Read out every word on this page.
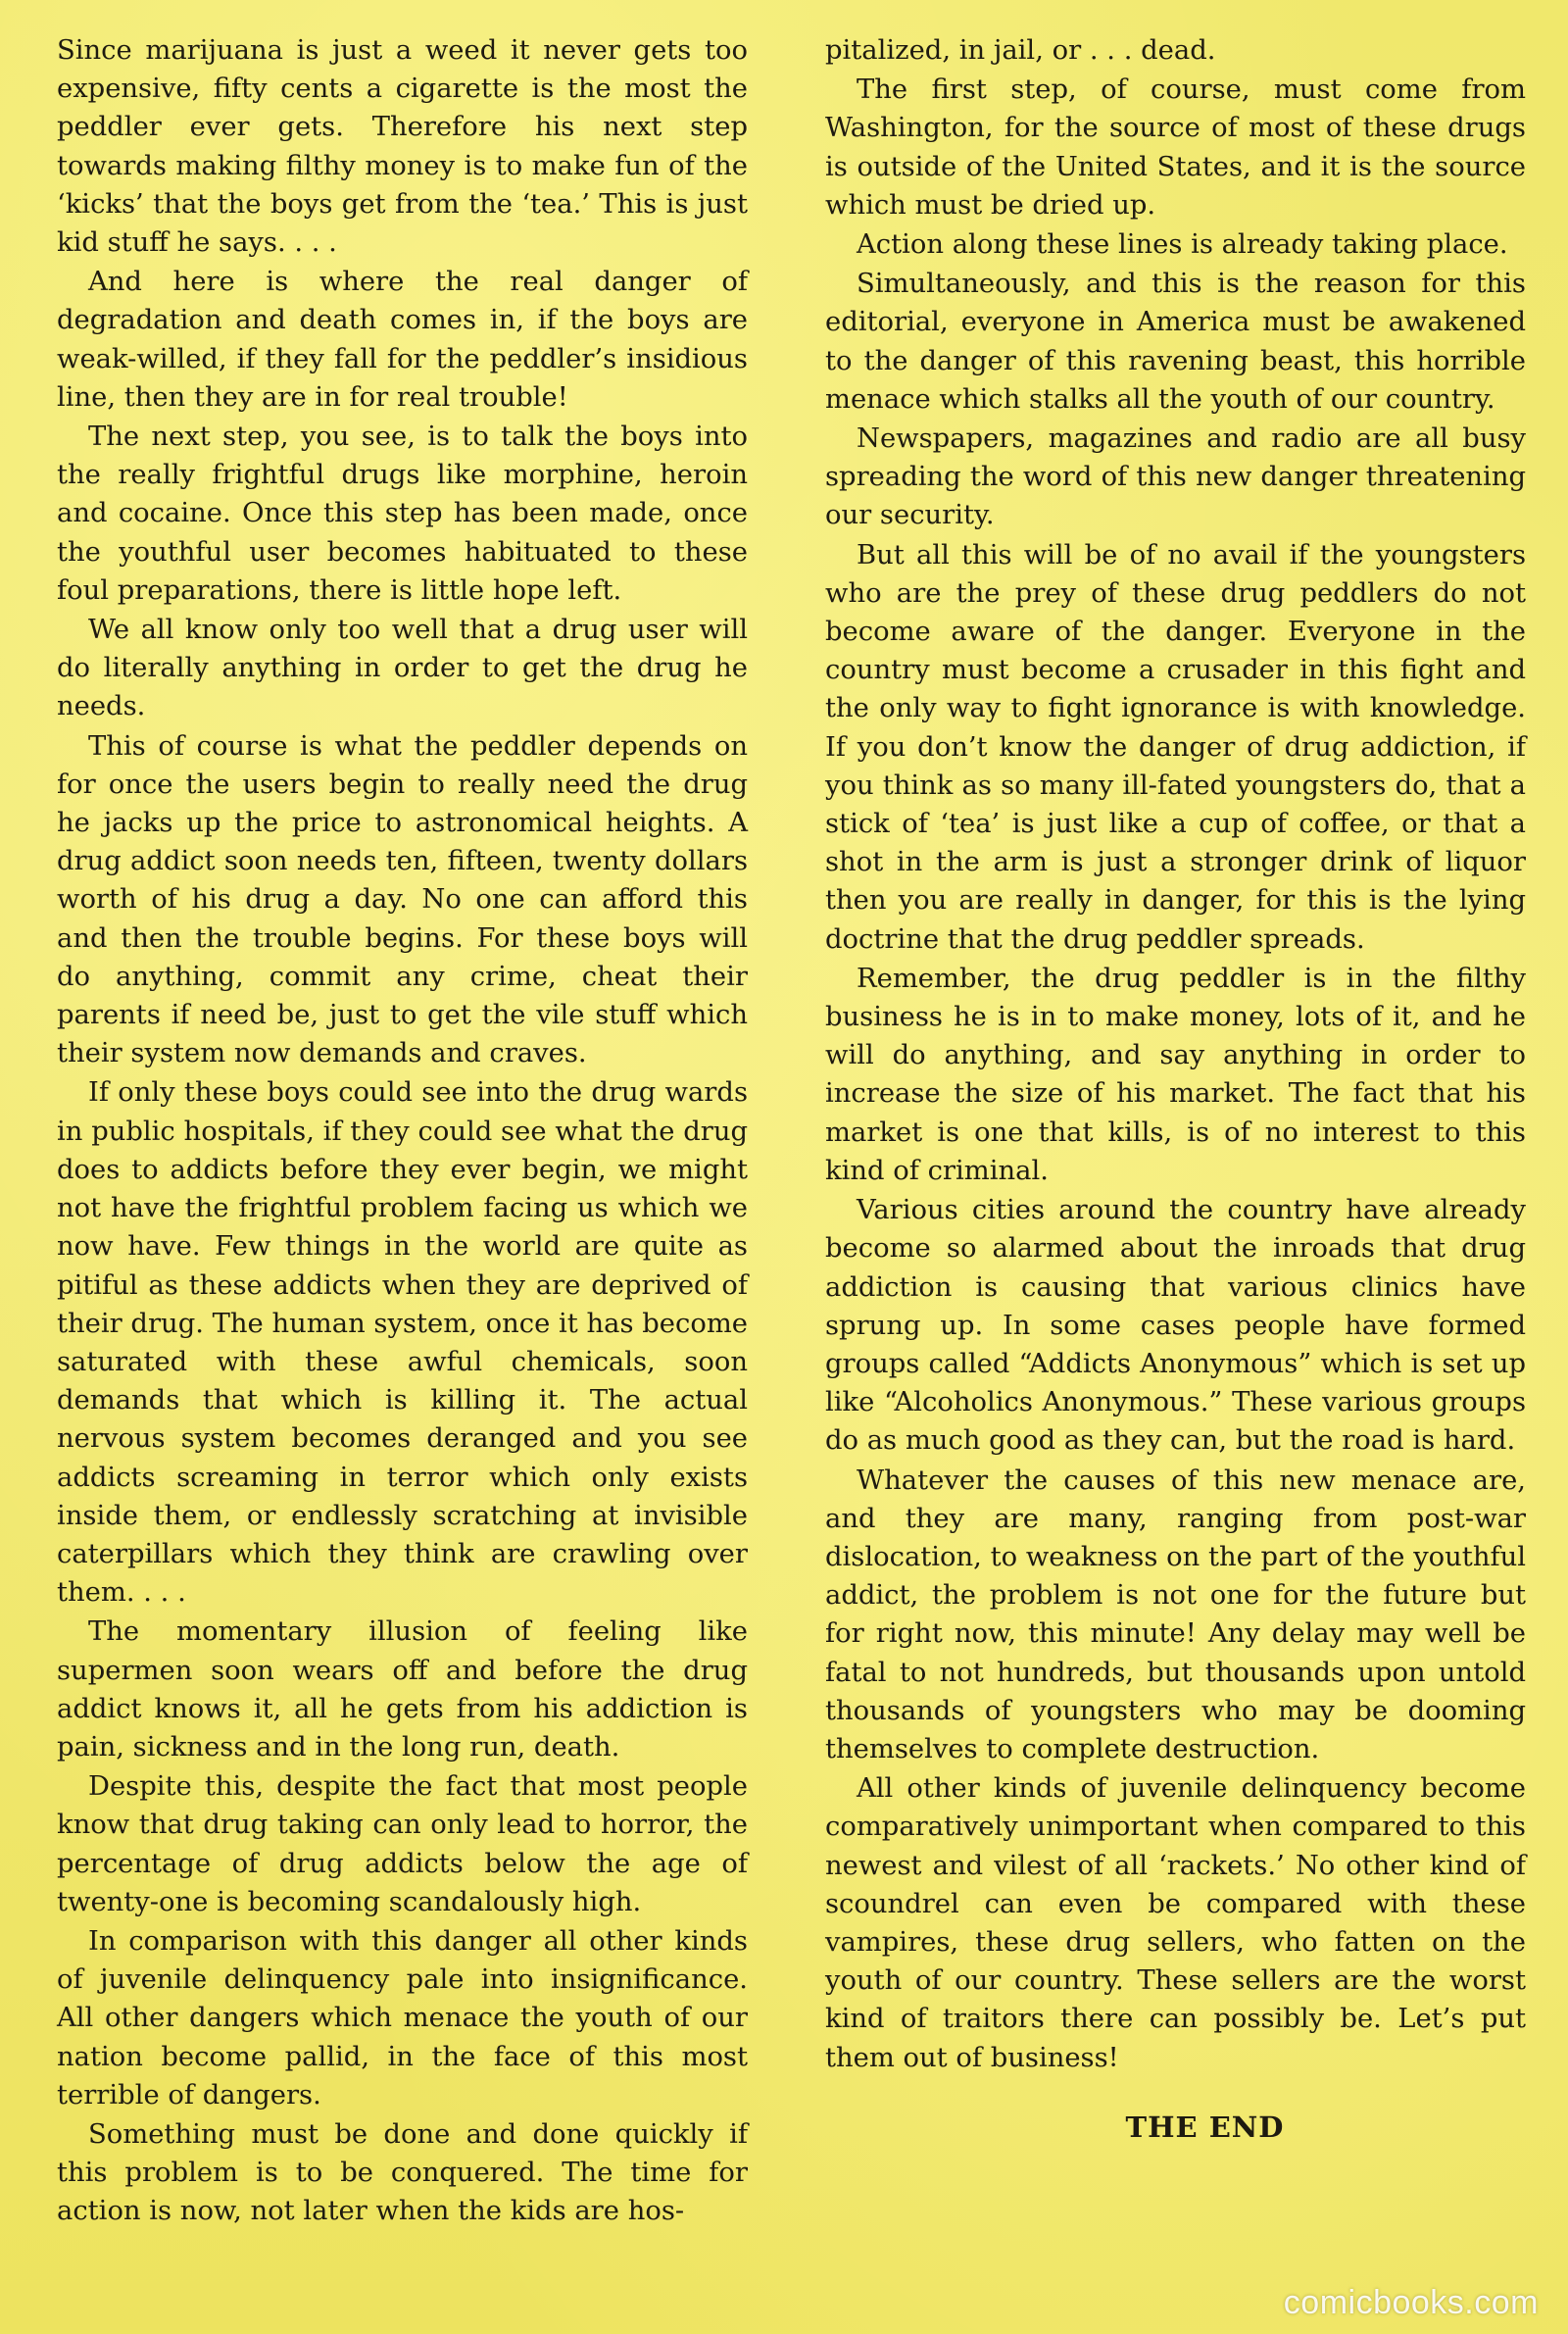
Since marijuana is just a weed it never gets too expensive, fifty cents a cigarette is the most the peddler ever gets. Therefore his next step towards making filthy money is to make fun of the ‘kicks’ that the boys get from the ‘tea.’ This is just kid stuff he says. . . .

And here is where the real danger of degradation and death comes in, if the boys are weak-willed, if they fall for the peddler’s insidious line, then they are in for real trouble!

The next step, you see, is to talk the boys into the really frightful drugs like morphine, heroin and cocaine. Once this step has been made, once the youthful user becomes habituated to these foul preparations, there is little hope left.

We all know only too well that a drug user will do literally anything in order to get the drug he needs.

This of course is what the peddler depends on for once the users begin to really need the drug he jacks up the price to astronomical heights. A drug addict soon needs ten, fifteen, twenty dollars worth of his drug a day. No one can afford this and then the trouble begins. For these boys will do anything, commit any crime, cheat their parents if need be, just to get the vile stuff which their system now demands and craves.

If only these boys could see into the drug wards in public hospitals, if they could see what the drug does to addicts before they ever begin, we might not have the frightful problem facing us which we now have. Few things in the world are quite as pitiful as these addicts when they are deprived of their drug. The human system, once it has become saturated with these awful chemicals, soon demands that which is killing it. The actual nervous system becomes deranged and you see addicts screaming in terror which only exists inside them, or endlessly scratching at invisible caterpillars which they think are crawling over them. . . .

The momentary illusion of feeling like supermen soon wears off and before the drug addict knows it, all he gets from his addiction is pain, sickness and in the long run, death.

Despite this, despite the fact that most people know that drug taking can only lead to horror, the percentage of drug addicts below the age of twenty-one is becoming scandalously high.

In comparison with this danger all other kinds of juvenile delinquency pale into insignificance. All other dangers which menace the youth of our nation become pallid, in the face of this most terrible of dangers.

Something must be done and done quickly if this problem is to be conquered. The time for action is now, not later when the kids are hos-

pitalized, in jail, or . . . dead.

The first step, of course, must come from Washington, for the source of most of these drugs is outside of the United States, and it is the source which must be dried up.

Action along these lines is already taking place.

Simultaneously, and this is the reason for this editorial, everyone in America must be awakened to the danger of this ravening beast, this horrible menace which stalks all the youth of our country.

Newspapers, magazines and radio are all busy spreading the word of this new danger threatening our security.

But all this will be of no avail if the youngsters who are the prey of these drug peddlers do not become aware of the danger. Everyone in the country must become a crusader in this fight and the only way to fight ignorance is with knowledge. If you don’t know the danger of drug addiction, if you think as so many ill-fated youngsters do, that a stick of ‘tea’ is just like a cup of coffee, or that a shot in the arm is just a stronger drink of liquor then you are really in danger, for this is the lying doctrine that the drug peddler spreads.

Remember, the drug peddler is in the filthy business he is in to make money, lots of it, and he will do anything, and say anything in order to increase the size of his market. The fact that his market is one that kills, is of no interest to this kind of criminal.

Various cities around the country have already become so alarmed about the inroads that drug addiction is causing that various clinics have sprung up. In some cases people have formed groups called “Addicts Anonymous” which is set up like “Alcoholics Anonymous.” These various groups do as much good as they can, but the road is hard.

Whatever the causes of this new menace are, and they are many, ranging from post-war dislocation, to weakness on the part of the youthful addict, the problem is not one for the future but for right now, this minute! Any delay may well be fatal to not hundreds, but thousands upon untold thousands of youngsters who may be dooming themselves to complete destruction.

All other kinds of juvenile delinquency become comparatively unimportant when compared to this newest and vilest of all ‘rackets.’ No other kind of scoundrel can even be compared with these vampires, these drug sellers, who fatten on the youth of our country. These sellers are the worst kind of traitors there can possibly be. Let’s put them out of business!

THE END
comicbooks.com
